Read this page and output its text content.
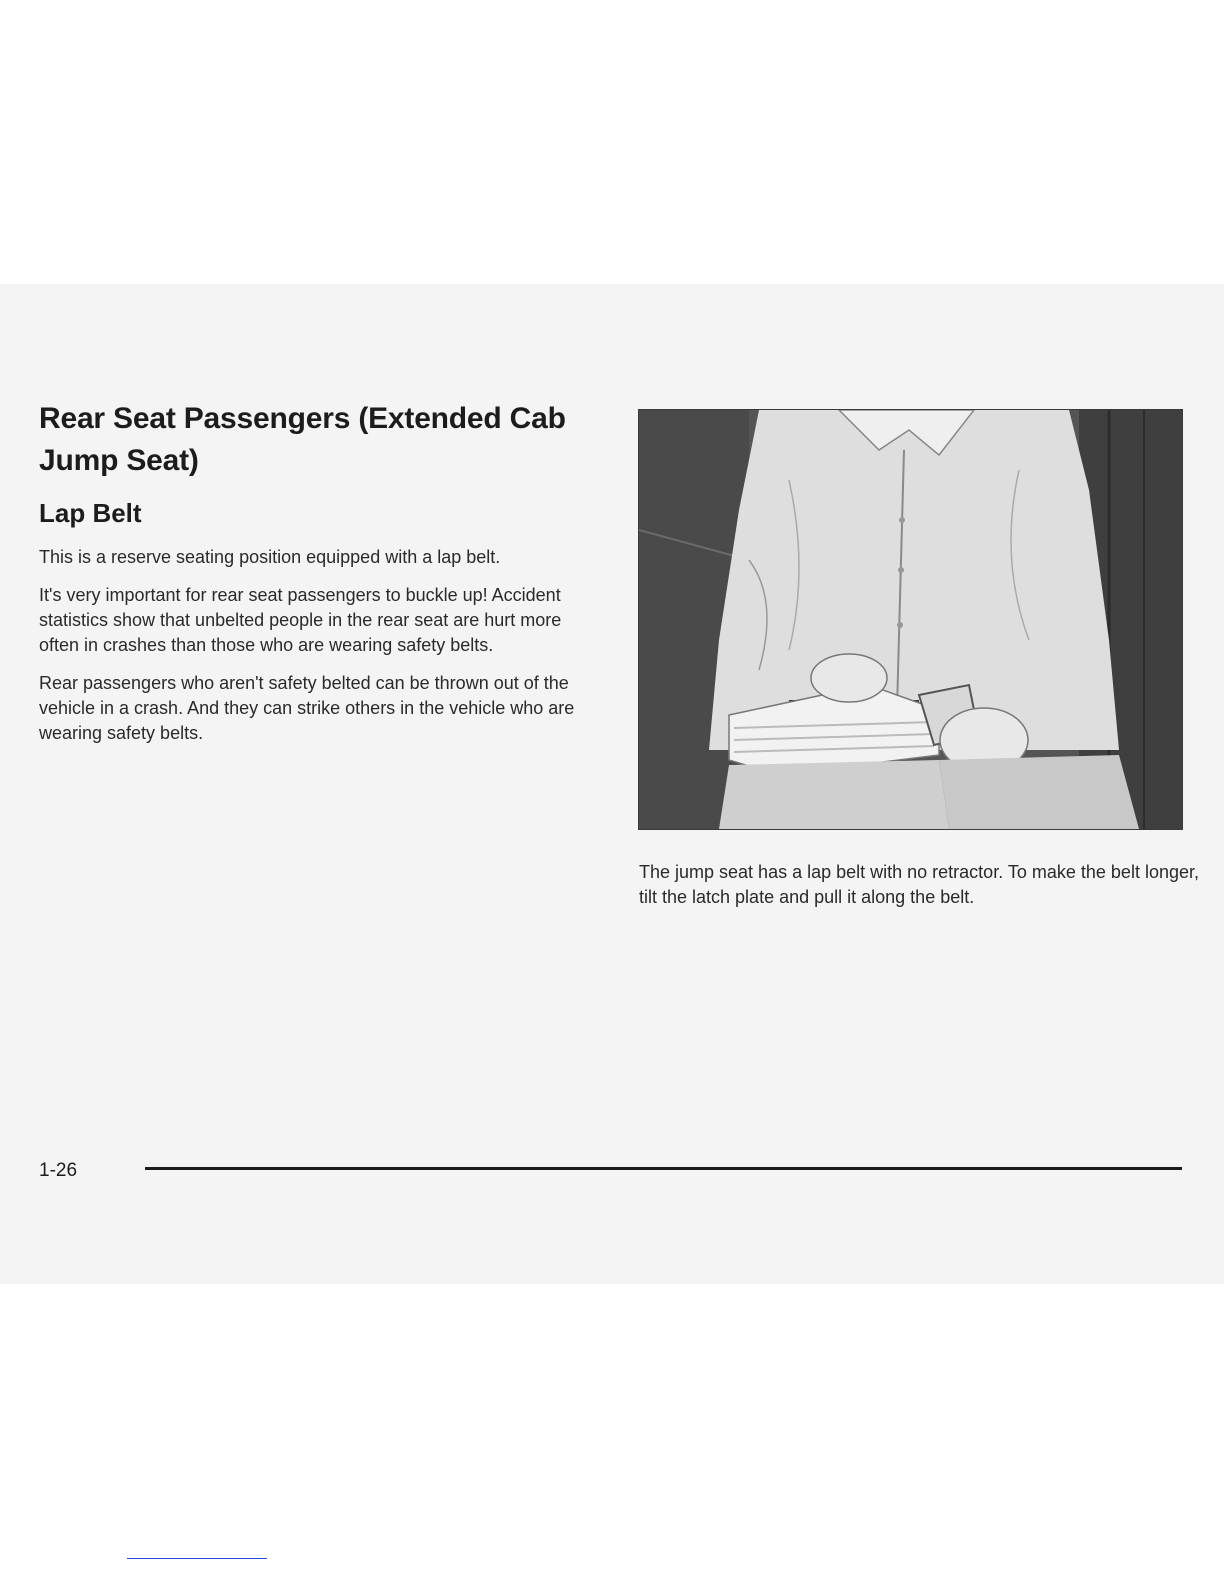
Rear Seat Passengers (Extended Cab Jump Seat)
Lap Belt

This is a reserve seating position equipped with a lap belt.

It's very important for rear seat passengers to buckle up! Accident statistics show that unbelted people in the rear seat are hurt more often in crashes than those who are wearing safety belts.

Rear passengers who aren't safety belted can be thrown out of the vehicle in a crash. And they can strike others in the vehicle who are wearing safety belts.

The jump seat has a lap belt with no retractor. To make the belt longer, tilt the latch plate and pull it along the belt.

1-26
